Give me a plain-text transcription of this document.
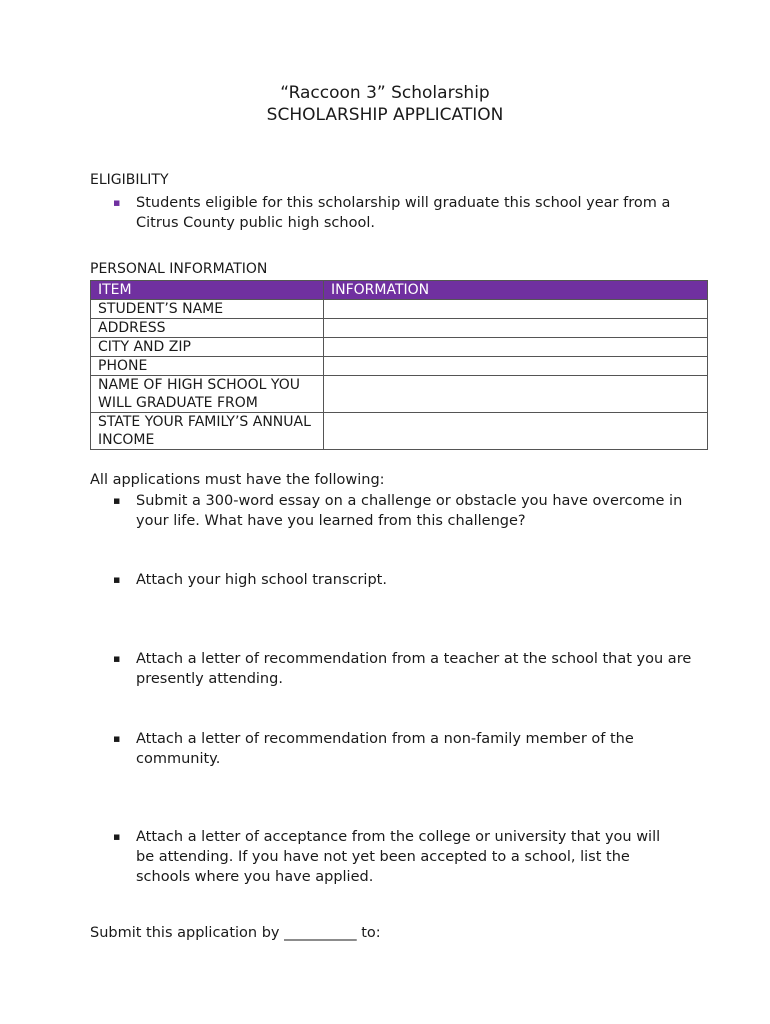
“Raccoon 3” Scholarship
SCHOLARSHIP APPLICATION
ELIGIBILITY
▪ Students eligible for this scholarship will graduate this school year from a Citrus County public high school.
PERSONAL INFORMATION
ITEM	INFORMATION
STUDENT’S NAME	
ADDRESS	
CITY AND ZIP	
PHONE	
NAME OF HIGH SCHOOL YOU WILL GRADUATE FROM	
STATE YOUR FAMILY’S ANNUAL INCOME	
All applications must have the following:
▪ Submit a 300-word essay on a challenge or obstacle you have overcome in your life. What have you learned from this challenge?
▪ Attach your high school transcript.
▪ Attach a letter of recommendation from a teacher at the school that you are presently attending.
▪ Attach a letter of recommendation from a non-family member of the community.
▪ Attach a letter of acceptance from the college or university that you will be attending. If you have not yet been accepted to a school, list the schools where you have applied.
Submit this application by __________ to:
